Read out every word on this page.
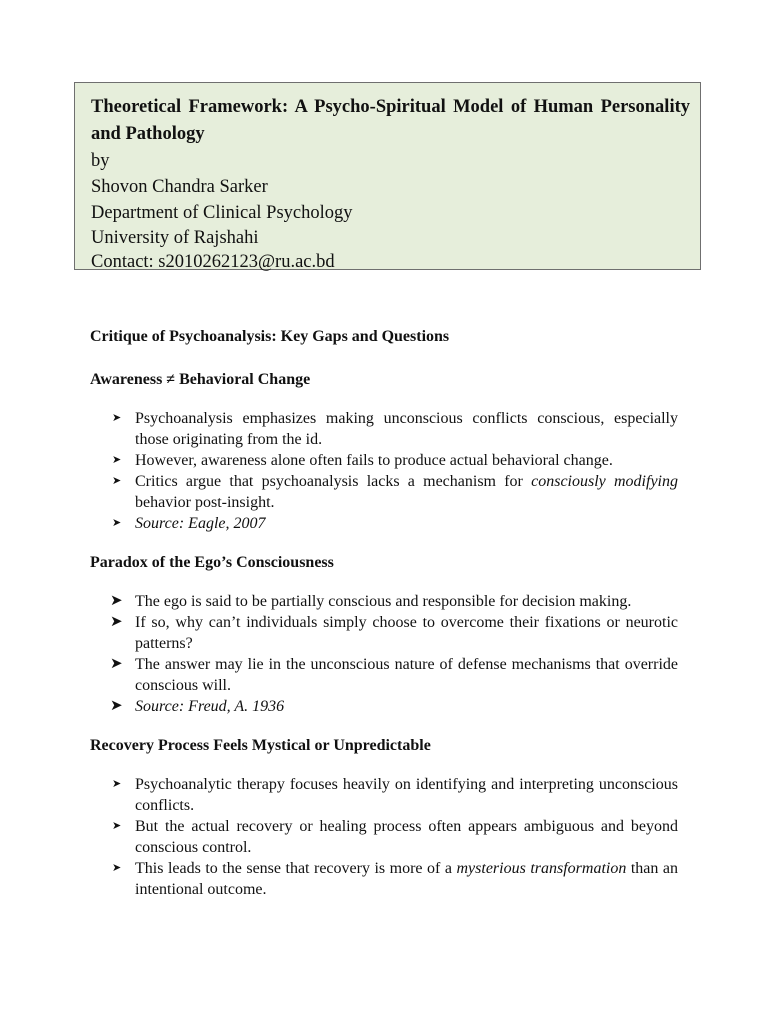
Theoretical Framework: A Psycho-Spiritual Model of Human Personality and Pathology

by

Shovon Chandra Sarker

Department of Clinical Psychology

University of Rajshahi

Contact: s2010262123@ru.ac.bd

Critique of Psychoanalysis: Key Gaps and Questions

Awareness ≠ Behavioral Change

➤ Psychoanalysis emphasizes making unconscious conflicts conscious, especially those originating from the id.
➤ However, awareness alone often fails to produce actual behavioral change.
➤ Critics argue that psychoanalysis lacks a mechanism for consciously modifying behavior post-insight.
➤ Source: Eagle, 2007

Paradox of the Ego’s Consciousness

➤ The ego is said to be partially conscious and responsible for decision making.
➤ If so, why can’t individuals simply choose to overcome their fixations or neurotic patterns?
➤ The answer may lie in the unconscious nature of defense mechanisms that override conscious will.
➤ Source: Freud, A. 1936

Recovery Process Feels Mystical or Unpredictable

➤ Psychoanalytic therapy focuses heavily on identifying and interpreting unconscious conflicts.
➤ But the actual recovery or healing process often appears ambiguous and beyond conscious control.
➤ This leads to the sense that recovery is more of a mysterious transformation than an intentional outcome.
